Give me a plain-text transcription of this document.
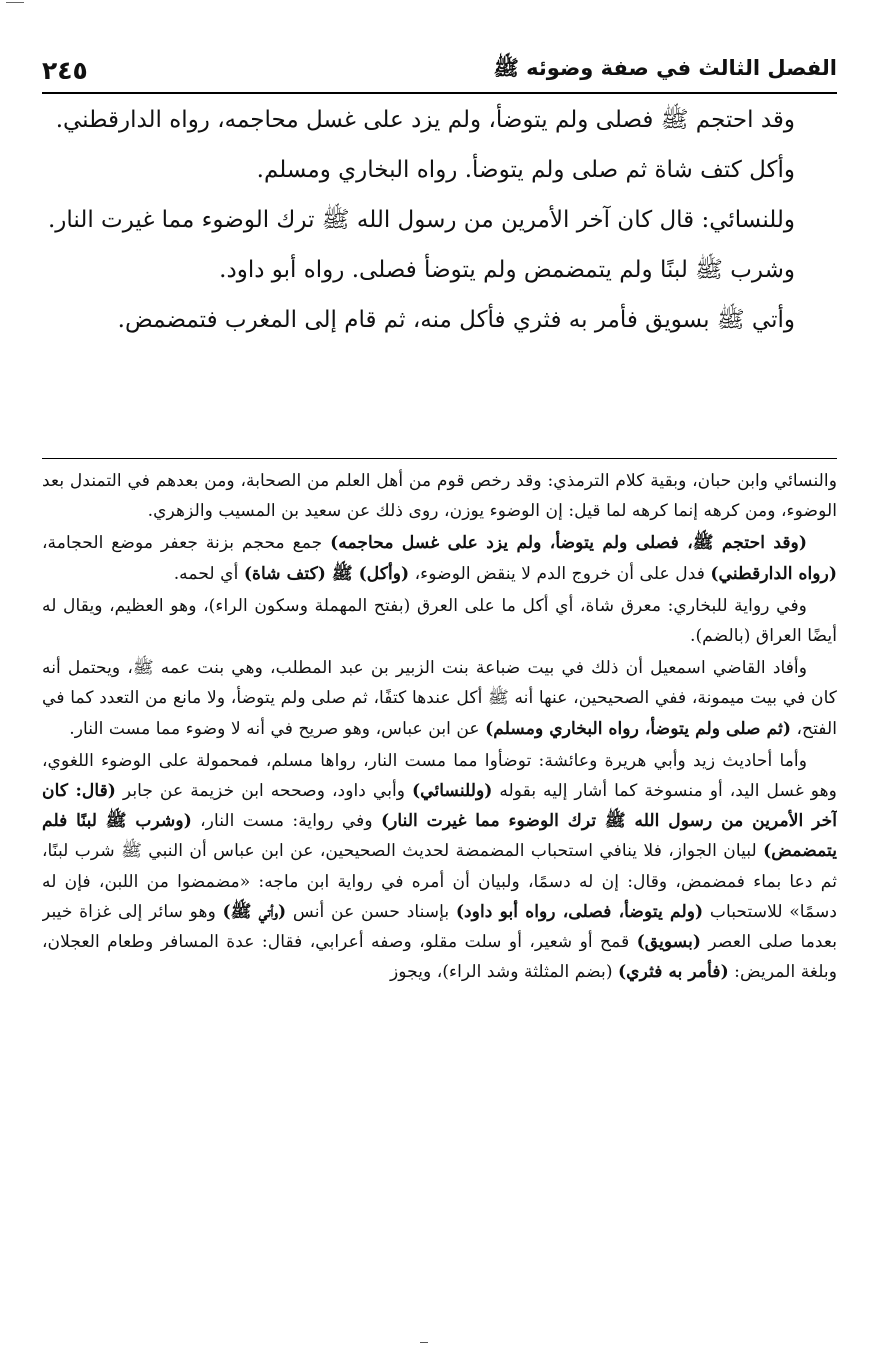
الفصل الثالث في صفة وضوئه ﷺ
٢٤٥

وقد احتجم ﷺ فصلى ولم يتوضأ، ولم يزد على غسل محاجمه، رواه الدارقطني.

وأكل كتف شاة ثم صلى ولم يتوضأ. رواه البخاري ومسلم.

وللنسائي: قال كان آخر الأمرين من رسول الله ﷺ ترك الوضوء مما غيرت النار.

وشرب ﷺ لبنًا ولم يتمضمض ولم يتوضأ فصلى. رواه أبو داود.

وأتي ﷺ بسويق فأمر به فثري فأكل منه، ثم قام إلى المغرب فتمضمض.

والنسائي وابن حبان، وبقية كلام الترمذي: وقد رخص قوم من أهل العلم من الصحابة، ومن بعدهم في التمندل بعد الوضوء، ومن كرهه إنما كرهه لما قيل: إن الوضوء يوزن، روى ذلك عن سعيد بن المسيب والزهري.

(وقد احتجم ﷺ، فصلى ولم يتوضأ، ولم يزد على غسل محاجمه) جمع محجم بزنة جعفر موضع الحجامة، (رواه الدارقطني) فدل على أن خروج الدم لا ينقض الوضوء، (وأكل) ﷺ (كتف شاة) أي لحمه.

وفي رواية للبخاري: معرق شاة، أي أكل ما على العرق (بفتح المهملة وسكون الراء)، وهو العظيم، ويقال له أيضًا العراق (بالضم).

وأفاد القاضي اسمعيل أن ذلك في بيت ضباعة بنت الزبير بن عبد المطلب، وهي بنت عمه ﷺ، ويحتمل أنه كان في بيت ميمونة، ففي الصحيحين، عنها أنه ﷺ أكل عندها كتفًا، ثم صلى ولم يتوضأ، ولا مانع من التعدد كما في الفتح، (ثم صلى ولم يتوضأ، رواه البخاري ومسلم) عن ابن عباس، وهو صريح في أنه لا وضوء مما مست النار.

وأما أحاديث زيد وأبي هريرة وعائشة: توضأوا مما مست النار، رواها مسلم، فمحمولة على الوضوء اللغوي، وهو غسل اليد، أو منسوخة كما أشار إليه بقوله (وللنسائي) وأبي داود، وصححه ابن خزيمة عن جابر (قال: كان آخر الأمرين من رسول الله ﷺ ترك الوضوء مما غيرت النار) وفي رواية: مست النار، (وشرب ﷺ لبنًا فلم يتمضمض) لبيان الجواز، فلا ينافي استحباب المضمضة لحديث الصحيحين، عن ابن عباس أن النبي ﷺ شرب لبنًا، ثم دعا بماء فمضمض، وقال: إن له دسمًا، ولبيان أن أمره في رواية ابن ماجه: «مضمضوا من اللبن، فإن له دسمًا» للاستحباب (ولم يتوضأ، فصلى، رواه أبو داود) بإسناد حسن عن أنس (وأتي ﷺ) وهو سائر إلى غزاة خيبر بعدما صلى العصر (بسويق) قمح أو شعير، أو سلت مقلو، وصفه أعرابي، فقال: عدة المسافر وطعام العجلان، وبلغة المريض: (فأمر به فثري) (بضم المثلثة وشد الراء)، ويجوز
